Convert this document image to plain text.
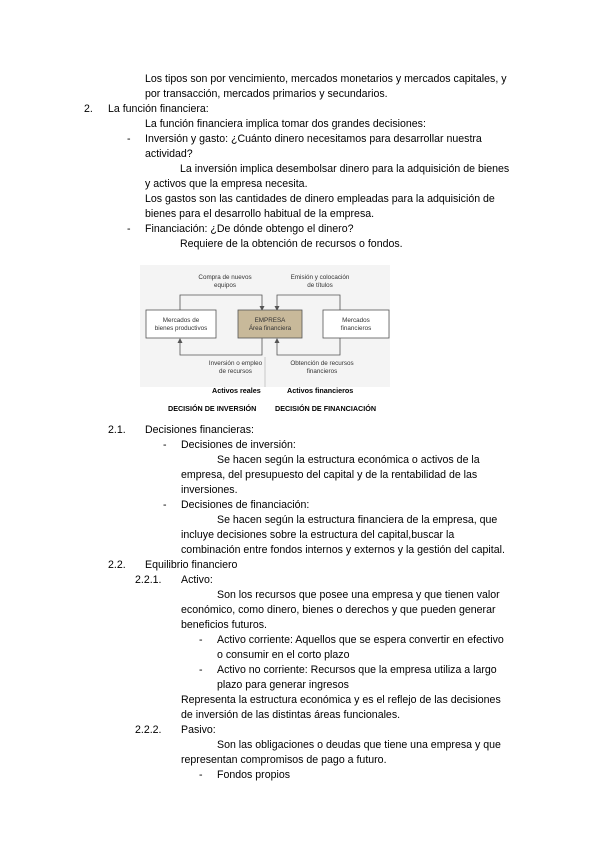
Los tipos son por vencimiento, mercados monetarios y mercados capitales, y
por transacción, mercados primarios y secundarios.
2. La función financiera:
La función financiera implica tomar dos grandes decisiones:
- Inversión y gasto: ¿Cuánto dinero necesitamos para desarrollar nuestra
actividad?
La inversión implica desembolsar dinero para la adquisición de bienes
y activos que la empresa necesita.
Los gastos son las cantidades de dinero empleadas para la adquisición de
bienes para el desarrollo habitual de la empresa.
- Financiación: ¿De dónde obtengo el dinero?
Requiere de la obtención de recursos o fondos.
Compra de nuevos
equipos
Emisión y colocación
de títulos
Mercados de
bienes productivos
EMPRESA
Área financiera
Mercados
financieros
Inversión o empleo
de recursos
Obtención de recursos
financieros
Activos reales	Activos financieros
DECISIÓN DE INVERSIÓN	DECISIÓN DE FINANCIACIÓN
2.1. Decisiones financieras:
- Decisiones de inversión:
Se hacen según la estructura económica o activos de la
empresa, del presupuesto del capital y de la rentabilidad de las
inversiones.
- Decisiones de financiación:
Se hacen según la estructura financiera de la empresa, que
incluye decisiones sobre la estructura del capital,buscar la
combinación entre fondos internos y externos y la gestión del capital.
2.2. Equilibrio financiero
2.2.1. Activo:
Son los recursos que posee una empresa y que tienen valor
económico, como dinero, bienes o derechos y que pueden generar
beneficios futuros.
- Activo corriente: Aquellos que se espera convertir en efectivo
o consumir en el corto plazo
- Activo no corriente: Recursos que la empresa utiliza a largo
plazo para generar ingresos
Representa la estructura económica y es el reflejo de las decisiones
de inversión de las distintas áreas funcionales.
2.2.2. Pasivo:
Son las obligaciones o deudas que tiene una empresa y que
representan compromisos de pago a futuro.
- Fondos propios
